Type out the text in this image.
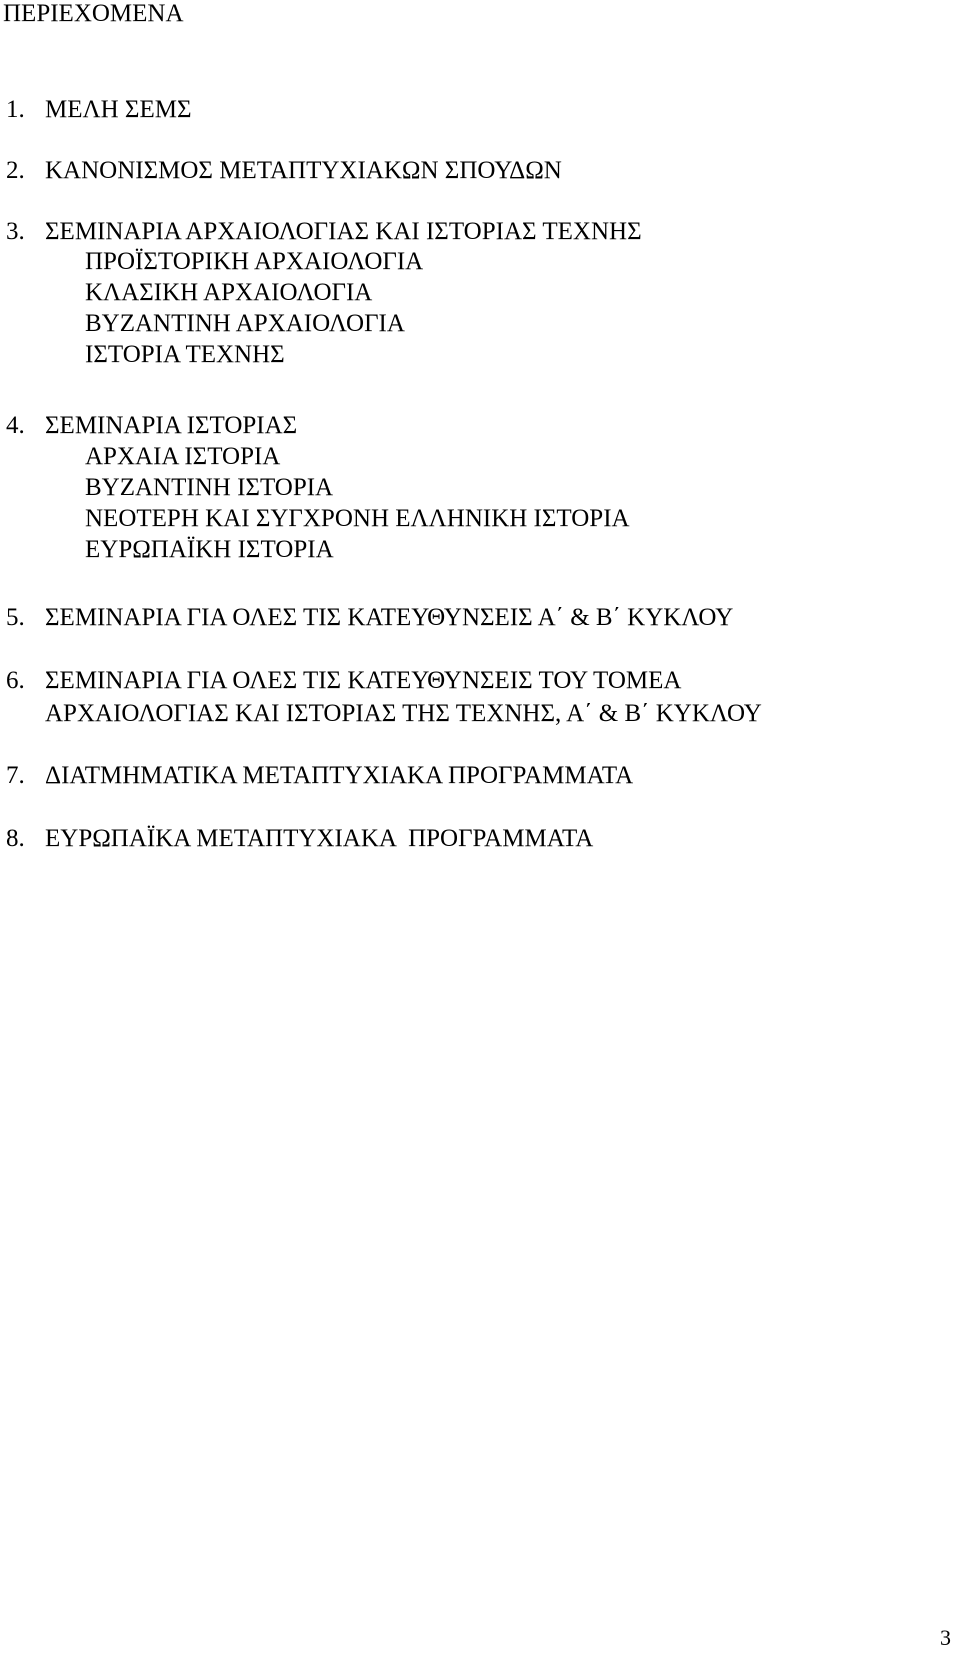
ΠΕΡΙΕΧΟΜΕΝΑ
1. ΜΕΛΗ ΣΕΜΣ
2. ΚΑΝΟΝΙΣΜΟΣ ΜΕΤΑΠΤΥΧΙΑΚΩΝ ΣΠΟΥΔΩΝ
3. ΣΕΜΙΝΑΡΙΑ ΑΡΧΑΙΟΛΟΓΙΑΣ ΚΑΙ ΙΣΤΟΡΙΑΣ ΤΕΧΝΗΣ
ΠΡΟΪΣΤΟΡΙΚΗ ΑΡΧΑΙΟΛΟΓΙΑ
ΚΛΑΣΙΚΗ ΑΡΧΑΙΟΛΟΓΙΑ
ΒΥΖΑΝΤΙΝΗ ΑΡΧΑΙΟΛΟΓΙΑ
ΙΣΤΟΡΙΑ ΤΕΧΝΗΣ
4. ΣΕΜΙΝΑΡΙΑ ΙΣΤΟΡΙΑΣ
ΑΡΧΑΙΑ ΙΣΤΟΡΙΑ
ΒΥΖΑΝΤΙΝΗ ΙΣΤΟΡΙΑ
ΝΕΟΤΕΡΗ ΚΑΙ ΣΥΓΧΡΟΝΗ ΕΛΛΗΝΙΚΗ ΙΣΤΟΡΙΑ
ΕΥΡΩΠΑΪΚΗ ΙΣΤΟΡΙΑ
5. ΣΕΜΙΝΑΡΙΑ ΓΙΑ ΟΛΕΣ ΤΙΣ ΚΑΤΕΥΘΥΝΣΕΙΣ Α΄ & Β΄ ΚΥΚΛΟΥ
6. ΣΕΜΙΝΑΡΙΑ ΓΙΑ ΟΛΕΣ ΤΙΣ ΚΑΤΕΥΘΥΝΣΕΙΣ ΤΟΥ ΤΟΜΕΑ
ΑΡΧΑΙΟΛΟΓΙΑΣ ΚΑΙ ΙΣΤΟΡΙΑΣ ΤΗΣ ΤΕΧΝΗΣ, Α΄ & Β΄ ΚΥΚΛΟΥ
7. ΔΙΑΤΜΗΜΑΤΙΚΑ ΜΕΤΑΠΤΥΧΙΑΚΑ ΠΡΟΓΡΑΜΜΑΤΑ
8. ΕΥΡΩΠΑΪΚΑ ΜΕΤΑΠΤΥΧΙΑΚΑ  ΠΡΟΓΡΑΜΜΑΤΑ
3
